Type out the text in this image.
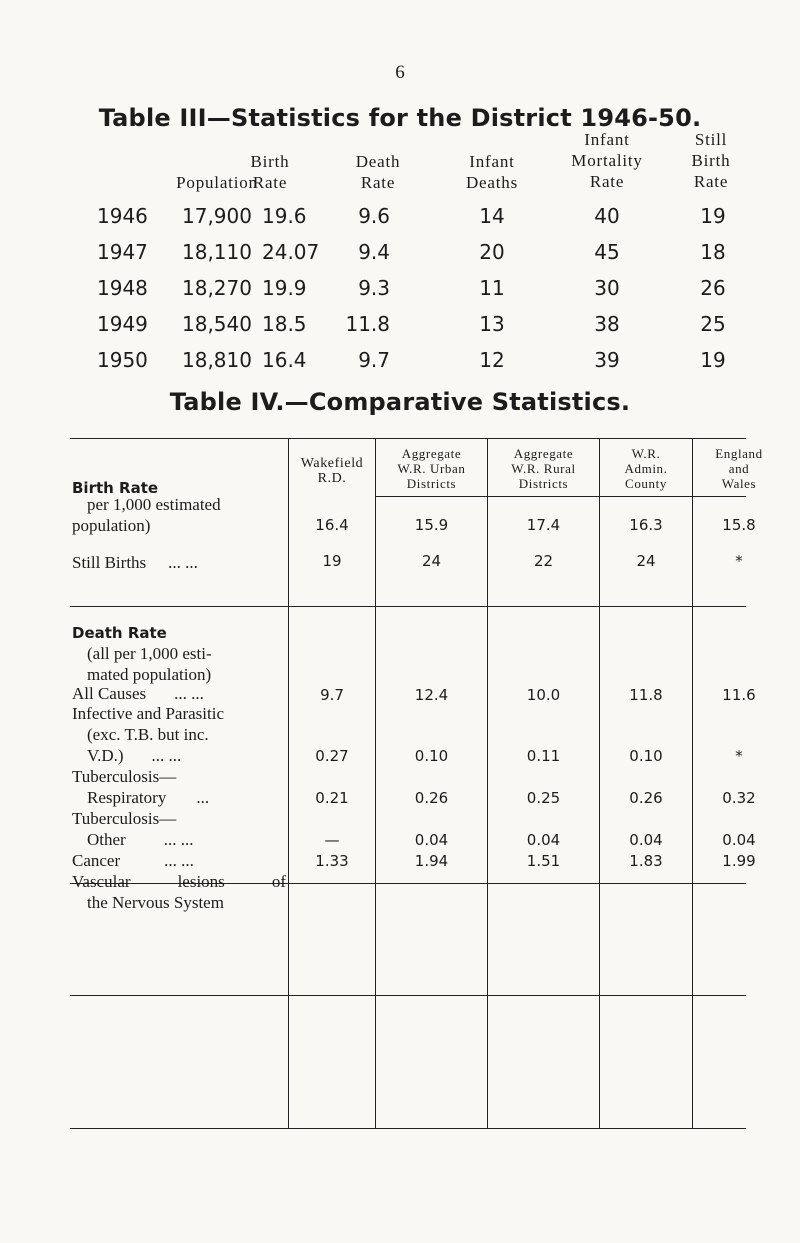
6
Table III—Statistics for the District 1946-50.
Population
Birth
Rate
Death
Rate
Infant
Deaths
Infant
Mortality
Rate
Still
Birth
Rate
1946 17,900 19.6	9.6	14	40	19
1947 18,110 24.07	9.4	20	45	18
1948 18,270 19.9	9.3	11	30	26
1949 18,540 18.5	11.8	13	38	25
1950 18,810 16.4	9.7	12	39	19
Table IV.—Comparative Statistics.
Wakefield
R.D.
Aggregate
W.R. Urban
Districts
Aggregate
W.R. Rural
Districts
W.R.
Admin.
County
England
and
Wales
Birth Rate
per 1,000 estimated
population)	16.4	15.9	17.4	16.3	15.8
Still Births ... ...	19	24	22	24	*
Death Rate
(all per 1,000 esti-
mated population)
All Causes ... ...	9.7	12.4	10.0	11.8	11.6
Infective and Parasitic
(exc. T.B. but inc.
V.D.) ... ...	0.27	0.10	0.11	0.10	*
Tuberculosis—
Respiratory ...	0.21	0.26	0.25	0.26	0.32
Tuberculosis—
Other ... ...	—	0.04	0.04	0.04	0.04
Cancer	... ...	1.33	1.94	1.51	1.83	1.99
Vascular	lesions	of
the Nervous System
